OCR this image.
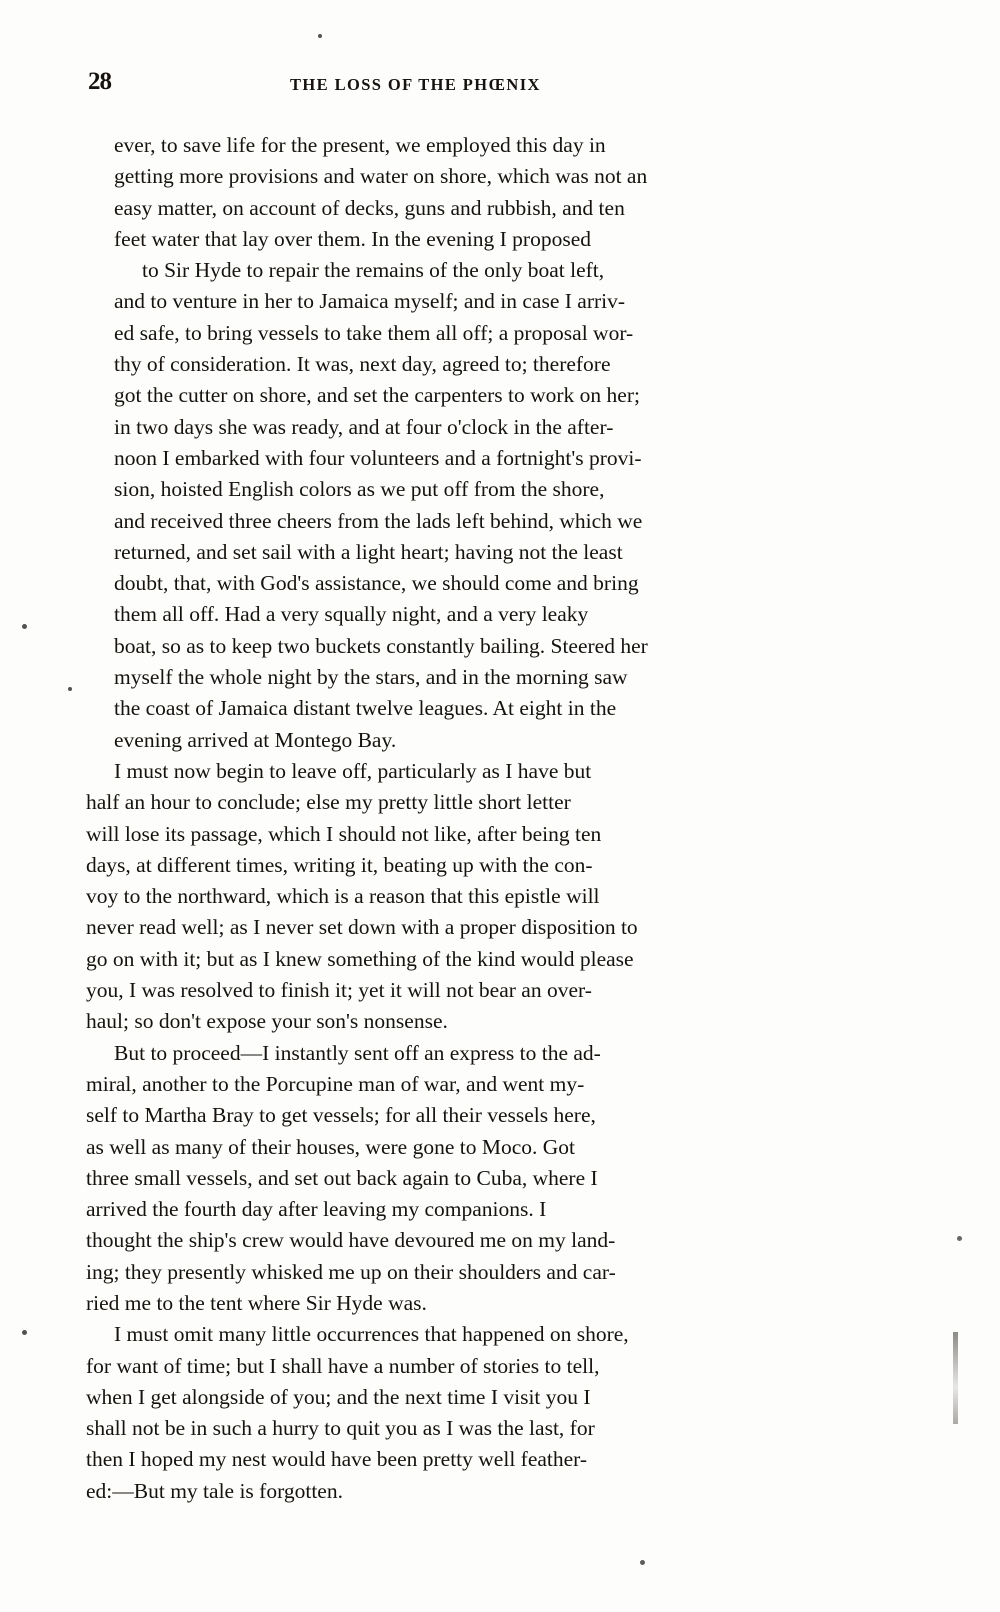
28	THE LOSS OF THE PHŒNIX

ever, to save life for the present, we employed this day in
getting more provisions and water on shore, which was not an
easy matter, on account of decks, guns and rubbish, and ten
feet water that lay over them. In the evening I proposed
to Sir Hyde to repair the remains of the only boat left,
and to venture in her to Jamaica myself; and in case I arriv-
ed safe, to bring vessels to take them all off; a proposal wor-
thy of consideration. It was, next day, agreed to; therefore
got the cutter on shore, and set the carpenters to work on her;
in two days she was ready, and at four o'clock in the after-
noon I embarked with four volunteers and a fortnight's provi-
sion, hoisted English colors as we put off from the shore,
and received three cheers from the lads left behind, which we
returned, and set sail with a light heart; having not the least
doubt, that, with God's assistance, we should come and bring
them all off. Had a very squally night, and a very leaky
boat, so as to keep two buckets constantly bailing. Steered her
myself the whole night by the stars, and in the morning saw
the coast of Jamaica distant twelve leagues. At eight in the
evening arrived at Montego Bay.

I must now begin to leave off, particularly as I have but
half an hour to conclude; else my pretty little short letter
will lose its passage, which I should not like, after being ten
days, at different times, writing it, beating up with the con-
voy to the northward, which is a reason that this epistle will
never read well; as I never set down with a proper disposition to
go on with it; but as I knew something of the kind would please
you, I was resolved to finish it; yet it will not bear an over-
haul; so don't expose your son's nonsense.

But to proceed—I instantly sent off an express to the ad-
miral, another to the Porcupine man of war, and went my-
self to Martha Bray to get vessels; for all their vessels here,
as well as many of their houses, were gone to Moco. Got
three small vessels, and set out back again to Cuba, where I
arrived the fourth day after leaving my companions. I
thought the ship's crew would have devoured me on my land-
ing; they presently whisked me up on their shoulders and car-
ried me to the tent where Sir Hyde was.

I must omit many little occurrences that happened on shore,
for want of time; but I shall have a number of stories to tell,
when I get alongside of you; and the next time I visit you I
shall not be in such a hurry to quit you as I was the last, for
then I hoped my nest would have been pretty well feather-
ed:—But my tale is forgotten.
